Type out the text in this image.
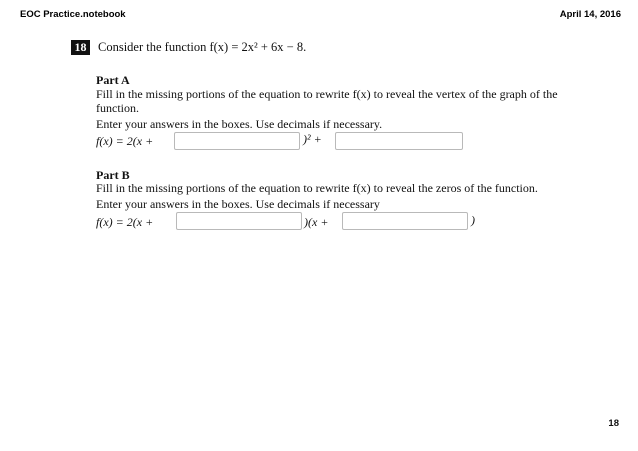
EOC Practice.notebook	April 14, 2016
18 Consider the function f(x) = 2x² + 6x − 8.
Part A
Fill in the missing portions of the equation to rewrite f(x) to reveal the vertex of the graph of the
function.
Enter your answers in the boxes. Use decimals if necessary.
f(x) = 2(x +	)² +
Part B
Fill in the missing portions of the equation to rewrite f(x) to reveal the zeros of the function.
Enter your answers in the boxes. Use decimals if necessary
f(x) = 2(x +	)(x +	)
18
